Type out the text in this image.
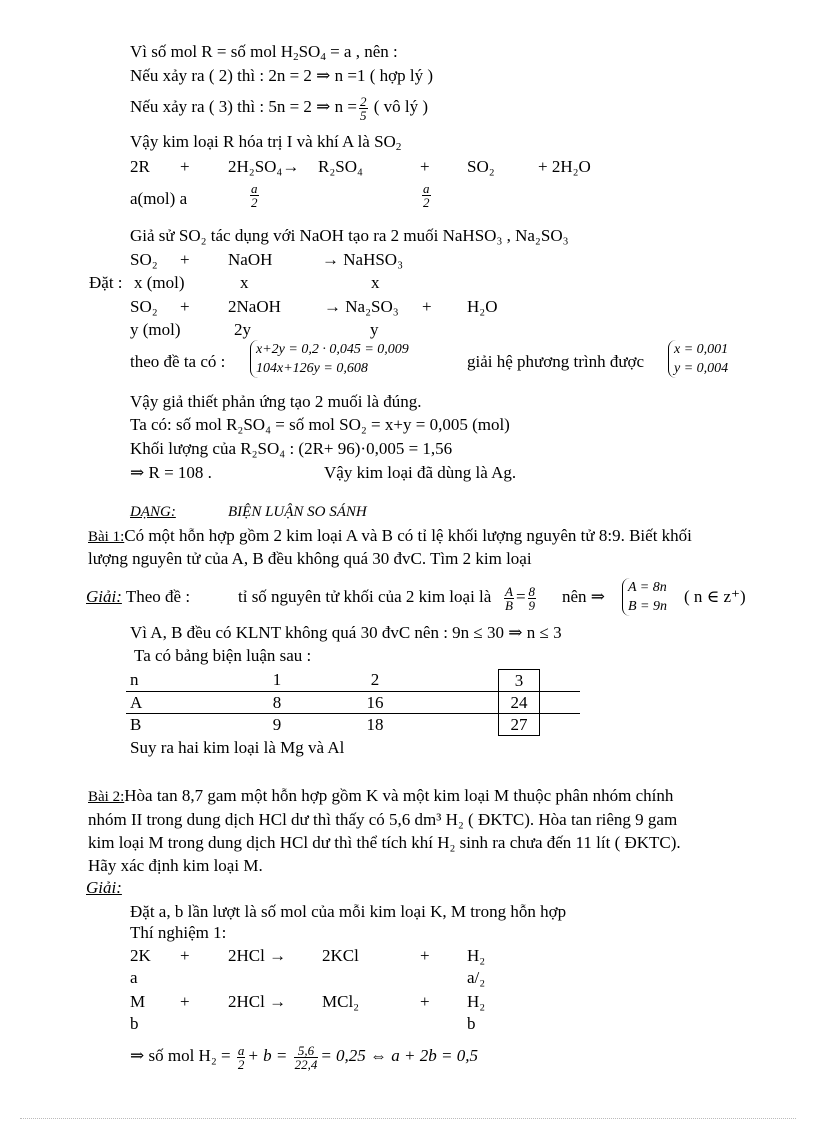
Vì số mol R = số mol $H_2SO_4 = a$ , nên :
Nếu xảy ra ( 2) thì : 2n = 2 ⇒ n =1 ( hợp lý )
Nếu xảy ra ( 3) thì : 5n = 2 ⇒ $n = \frac{2}{5}$ ( vô lý )
Vậy kim loại R hóa trị I và khí A là $SO_2$
2R + 2H₂SO₄→ R₂SO₄	+ SO₂	+ 2H₂O
a(mol) a	$\frac{a}{2}$	$\frac{a}{2}$
Giả sử SO₂ tác dụng với NaOH tạo ra 2 muối NaHSO₃ , Na₂SO₃
SO₂ + NaOH	→ NaHSO₃
Đặt : x (mol)	x	x
SO₂ + 2NaOH	→ Na₂SO₃ + H₂O
y (mol)	2y	y
theo đề ta có :
x+2y = 0,2 · 0,045 = 0,009
104x+126y = 0,608	giải hệ phương trình được
x = 0,001
y = 0,004
Vậy giả thiết phản ứng tạo 2 muối là đúng.
Ta có: số mol R₂SO₄ = số mol SO₂ = x+y = 0,005 (mol)
Khối lượng của R₂SO₄ : (2R+ 96)·0,005 = 1,56
⇒ R = 108 .	Vậy kim loại đã dùng là Ag.
DẠNG:	BIỆN LUẬN SO SÁNH
Bài 1:Có một hỗn hợp gồm 2 kim loại A và B có tỉ lệ khối lượng nguyên tử 8:9. Biết khối
lượng nguyên tử của A, B đều không quá 30 đvC. Tìm 2 kim loại
Giải: Theo đề :	tỉ số nguyên tử khối của 2 kim loại là $\frac{A}{B} = \frac{8}{9}$ nên ⇒ A = 8n
B = 9n
( n ∈ z⁺)
Vì A, B đều có KLNT không quá 30 đvC nên : 9n ≤ 30 ⇒ n ≤ 3
Ta có bảng biện luận sau :
n	1	2		3	
A	8	16		24	
B	9	18		27	
Suy ra hai kim loại là Mg và Al
Bài 2:Hòa tan 8,7 gam một hỗn hợp gồm K và một kim loại M thuộc phân nhóm chính
nhóm II trong dung dịch HCl dư thì thấy có 5,6 dm³ H₂ ( ĐKTC). Hòa tan riêng 9 gam
kim loại M trong dung dịch HCl dư thì thể tích khí H₂ sinh ra chưa đến 11 lít ( ĐKTC).
Hãy xác định kim loại M.
Giải:
Đặt a, b lần lượt là số mol của mỗi kim loại K, M trong hỗn hợp
Thí nghiệm 1:
2K + 2HCl → 2KCl	+ H₂
a	a/₂
M + 2HCl → MCl₂	+ H₂
b	b
⇒ số mol $H_2 = \frac{a}{2} + b = \frac{5,6}{22,4} = 0,25$ ⇔ a + 2b = 0,5
